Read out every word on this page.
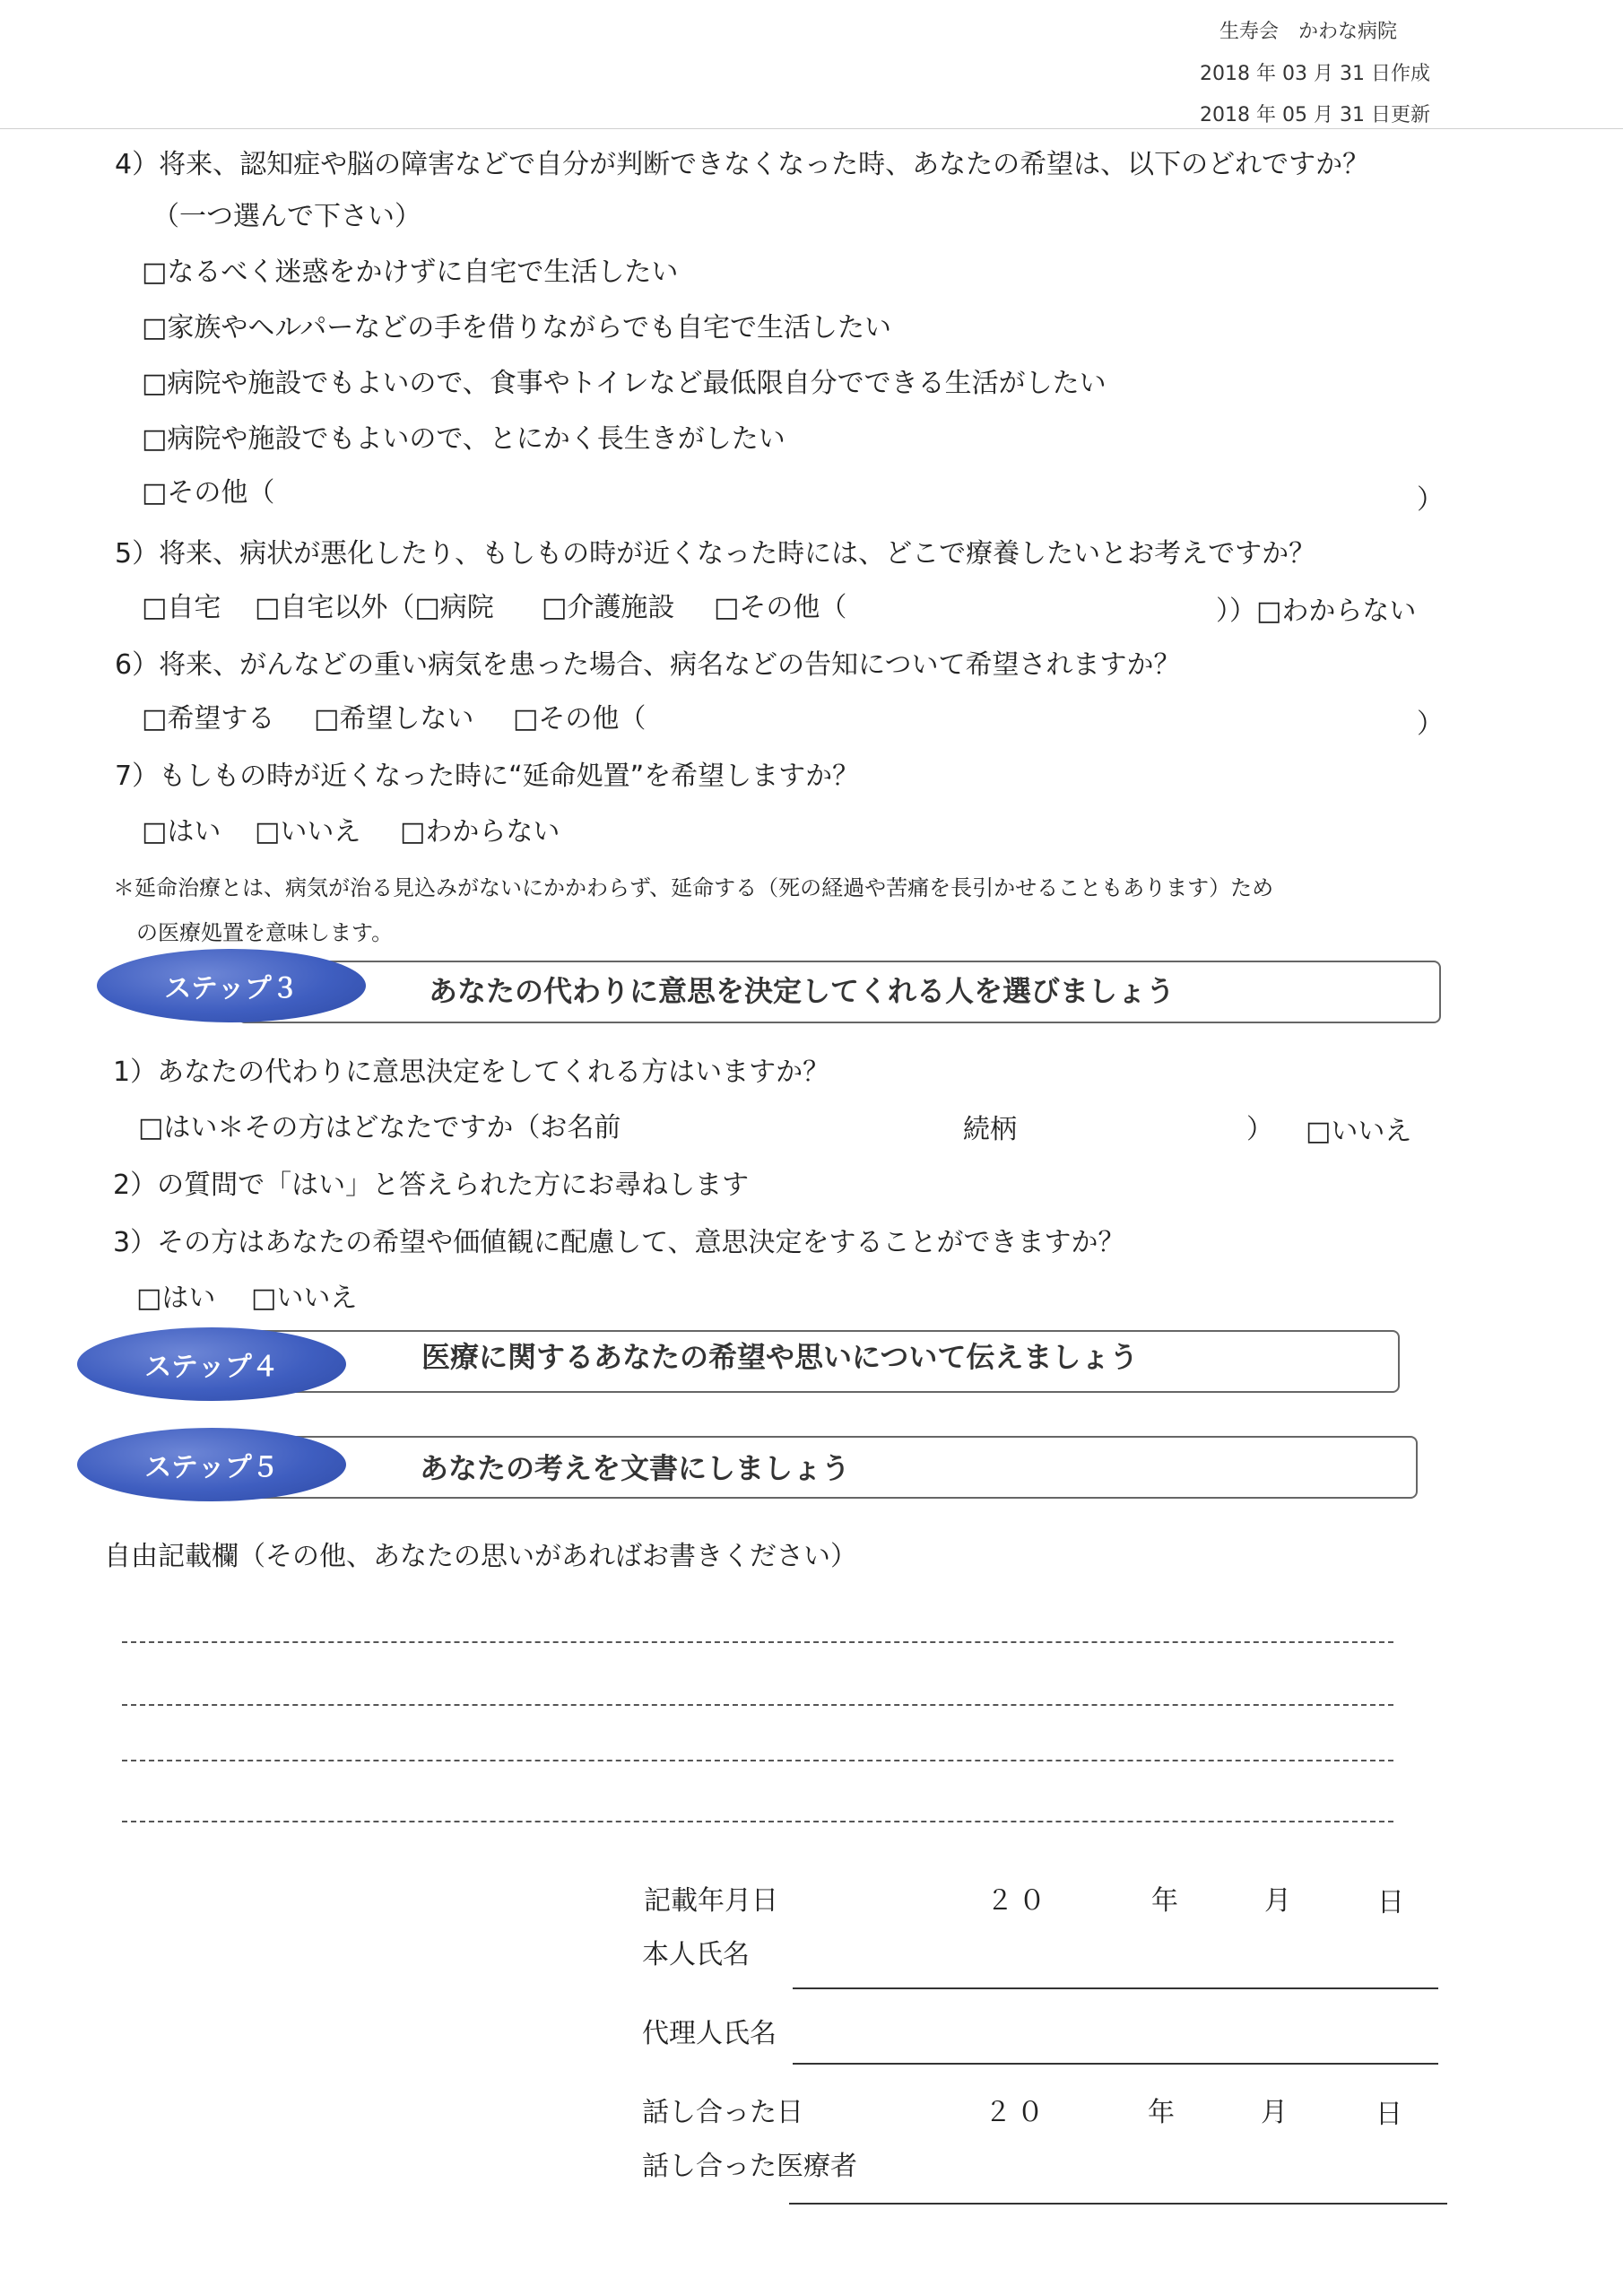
生寿会　かわな病院
2018 年 03 月 31 日作成
2018 年 05 月 31 日更新
4）将来、認知症や脳の障害などで自分が判断できなくなった時、あなたの希望は、以下のどれですか？
（一つ選んで下さい）
□なるべく迷惑をかけずに自宅で生活したい
□家族やヘルパーなどの手を借りながらでも自宅で生活したい
□病院や施設でもよいので、食事やトイレなど最低限自分でできる生活がしたい
□病院や施設でもよいので、とにかく長生きがしたい
□その他（	）
5）将来、病状が悪化したり、もしもの時が近くなった時には、どこで療養したいとお考えですか？
□自宅 □自宅以外（□病院 □介護施設 □その他（	））□わからない
6）将来、がんなどの重い病気を患った場合、病名などの告知について希望されますか？
□希望する □希望しない □その他（	）
7）もしもの時が近くなった時に“延命処置”を希望しますか？
□はい □いいえ □わからない
＊延命治療とは、病気が治る見込みがないにかかわらず、延命する（死の経過や苦痛を長引かせることもあります）ため
の医療処置を意味します。
ステップ３	あなたの代わりに意思を決定してくれる人を選びましょう
1）あなたの代わりに意思決定をしてくれる方はいますか？
□はい＊その方はどなたですか（お名前	続柄	） □いいえ
2）の質問で「はい」と答えられた方にお尋ねします
3）その方はあなたの希望や価値観に配慮して、意思決定をすることができますか？
□はい □いいえ
ステップ４	医療に関するあなたの希望や思いについて伝えましょう
ステップ５	あなたの考えを文書にしましょう
自由記載欄（その他、あなたの思いがあればお書きください）
記載年月日	２０	年	月	日
本人氏名
代理人氏名
話し合った日	２０	年	月	日
話し合った医療者
